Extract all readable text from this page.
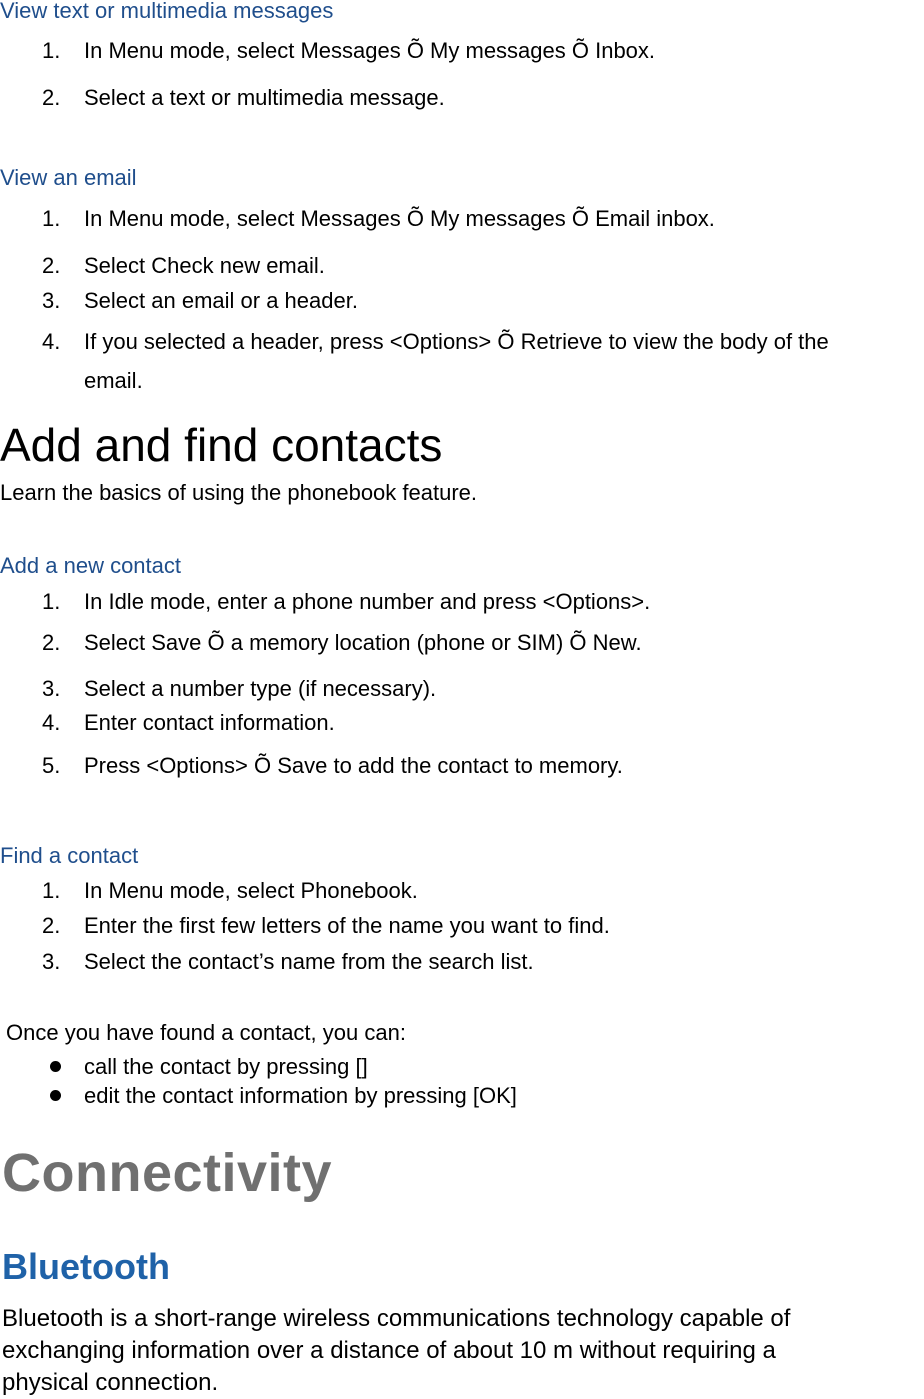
View text or multimedia messages
1. In Menu mode, select Messages Õ My messages Õ Inbox.
2. Select a text or multimedia message.
View an email
1. In Menu mode, select Messages Õ My messages Õ Email inbox.
2. Select Check new email.
3. Select an email or a header.
4. If you selected a header, press <Options> Õ Retrieve to view the body of the
email.
Add and find contacts
Learn the basics of using the phonebook feature.
Add a new contact
1. In Idle mode, enter a phone number and press <Options>.
2. Select Save Õ a memory location (phone or SIM) Õ New.
3. Select a number type (if necessary).
4. Enter contact information.
5. Press <Options> Õ Save to add the contact to memory.
Find a contact
1. In Menu mode, select Phonebook.
2. Enter the first few letters of the name you want to find.
3. Select the contact’s name from the search list.
Once you have found a contact, you can:
call the contact by pressing []
edit the contact information by pressing [OK]
Connectivity
Bluetooth
Bluetooth is a short-range wireless communications technology capable of exchanging information over a distance of about 10 m without requiring a physical connection.
